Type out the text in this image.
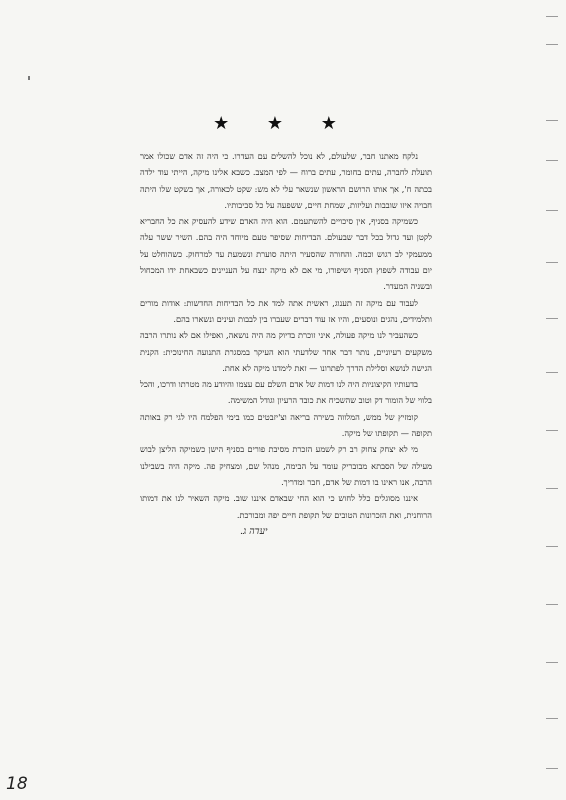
★ ★ ★

נלקח מאתנו חבר, שלעולם, לא נוכל להשלים עם העדרו. כי היה זה אדם שכולו אמר תועלת לחברה, עתים בחומר, עתים ברוח — לפי המצב. כשבא אלינו מיקה, הייתי עוד ילדה בכתה ח', אך אותו הרושם הראשון שנשאר עלי לא מש: שקט לכאורה, אך בשקט שלו היתה חבויה איזו שובבות ועליזות, שמחת חיים, ששפעה על כל סביבותיו.

כשמיקה בסניף, אין סיכויים להשתעמם. הוא היה האדם שידע להעסיק את כל החבריא לקטן ועד גדול בכל דבר שבעולם. הבדיחות שסיפר טעם מיוחד היה בהם. השיר ששר עלה ממעמקי לב רגוש וכמה. והחורה שהסעיר היתה סוערת ונשמעת עד למרחוק. כשהוחלט על יום עבודה לשפוץ הסניף ושיפורו, מי אם לא מיקה ינצח על העניינים כשבאחת ידו המכחול ובשניה המעדר.

לעבוד עם מיקה זה תענוג, ראשית אתה למד את כל הבדיחות החדשות: אודות מורים ותלמידים, נהגים ונוסעים, והיו אז עוד דברים שעברו בין לבבות ועינים ונשארו בהם.

כשהעביר לנו מיקה פעולה, איני זוכרת בדיוק מה היה נושאה, ואפילו אם לא נותרו הרבה משקעים רעיוניים, נותר דבר אחד שלדעתי הוא העיקר במסגרת התנועה החינוכית: הקנית הגישה לנושא וסלילת הדרך לפתרונו — זאת לימדנו מיקה לא אחת.

בדעותיו הקיצוניות היה לנו דמות של אדם השלם עם עצמו והיודע מה מטרתו ודרכו, והכל בלווי של הומור דק וטוב שהשכיח את כובד הרעיון וגודל המשימה.

קומזיץ של ממש, המלווה בשירה בריאה וצ'יזבטים כמו בימי הפלמח היו לגי רק באותה תקופה — תקופתו של מיקה.

מי לא יצחק צחוק רב רק לשמע הזכרת מסיבת פורים בסניף הישן כשמיקה הליצן לבוש מעילה של הסבתא מבובריק עומד על הבימה, מנהל שם, ומצחיק פה. מיקה היה בשבילנו הרבה, אנו ראינו בו דמות של אדם, חבר ומדריך.

איננו מסוגלים כלל לחוש כי הוא החי שבאדם איננו שוב. מיקה השאיר לנו את דמותו הרוחנית, ואת הזכרונות הטובים של תקופת חיים יפה ומבורכת.

יעדה ג.
18
